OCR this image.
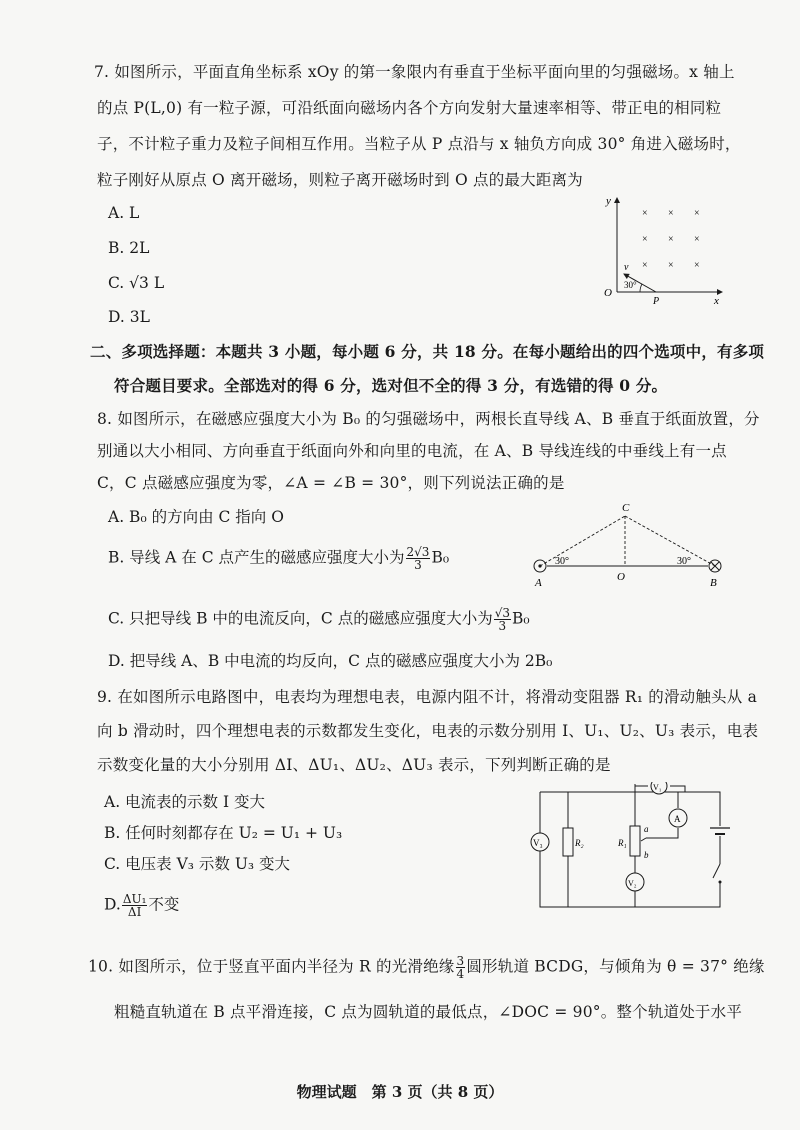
7. 如图所示，平面直角坐标系 xOy 的第一象限内有垂直于坐标平面向里的匀强磁场。x 轴上
的点 P(L,0) 有一粒子源，可沿纸面向磁场内各个方向发射大量速率相等、带正电的相同粒
子，不计粒子重力及粒子间相互作用。当粒子从 P 点沿与 x 轴负方向成 30° 角进入磁场时，
粒子刚好从原点 O 离开磁场，则粒子离开磁场时到 O 点的最大距离为
A. L
B. 2L
C. √3 L
D. 3L
y
x
O
P
v
30°
× × ×
× × ×
× × ×
二、多项选择题：本题共 3 小题，每小题 6 分，共 18 分。在每小题给出的四个选项中，有多项
符合题目要求。全部选对的得 6 分，选对但不全的得 3 分，有选错的得 0 分。
8. 如图所示，在磁感应强度大小为 B₀ 的匀强磁场中，两根长直导线 A、B 垂直于纸面放置，分
别通以大小相同、方向垂直于纸面向外和向里的电流，在 A、B 导线连线的中垂线上有一点
C，C 点磁感应强度为零，∠A = ∠B = 30°，则下列说法正确的是
A. B₀ 的方向由 C 指向 O
B. 导线 A 在 C 点产生的磁感应强度大小为 $\frac{2√3}{3} B_0$
C. 只把导线 B 中的电流反向，C 点的磁感应强度大小为 $\frac{√3}{3} B_0$
D. 把导线 A、B 中电流的均反向，C 点的磁感应强度大小为 2B₀
C
A	B
O
30°	30°
9. 在如图所示电路图中，电表均为理想电表，电源内阻不计，将滑动变阻器 R₁ 的滑动触头从 a
向 b 滑动时，四个理想电表的示数都发生变化，电表的示数分别用 I、U₁、U₂、U₃ 表示，电表
示数变化量的大小分别用 ΔI、ΔU₁、ΔU₂、ΔU₃ 表示，下列判断正确的是
A. 电流表的示数 I 变大
B. 任何时刻都存在 U₂ = U₁ + U₃
C. 电压表 V₃ 示数 U₃ 变大
D. $\frac{\text{ΔU₁}}{\Delta I}$ 不变
V₃	R₂	R₁
a
b
V₁
A
V₂
10. 如图所示，位于竖直平面内半径为 R 的光滑绝缘 $\frac{3}{4}$ 圆形轨道 BCDG，与倾角为 θ = 37° 绝缘
粗糙直轨道在 B 点平滑连接，C 点为圆轨道的最低点，∠DOC = 90°。整个轨道处于水平
物理试题　第 3 页（共 8 页）
